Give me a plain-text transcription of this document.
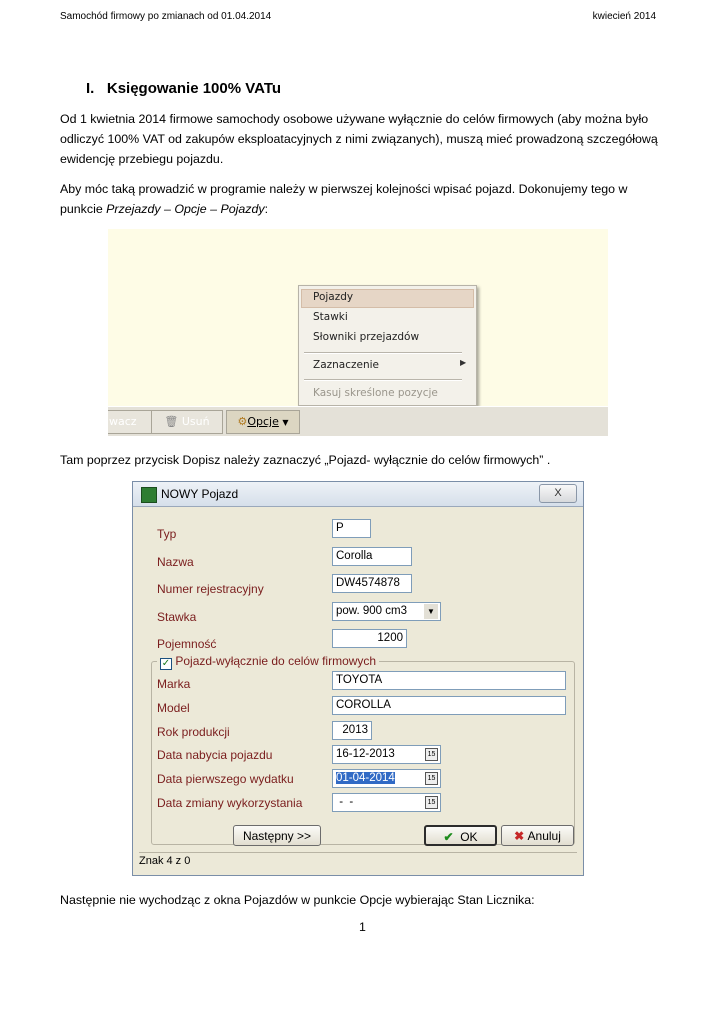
Samochód firmowy po zmianach od 01.04.2014	kwiecień 2014
I. Księgowanie 100% VATu
Od 1 kwietnia 2014 firmowe samochody osobowe używane wyłącznie do celów firmowych (aby można było
odliczyć 100% VAT od zakupów eksploatacyjnych z nimi związanych), muszą mieć prowadzoną szczegółową
ewidencję przebiegu pojazdu.
Aby móc taką prowadzić w programie należy w pierwszej kolejności wpisać pojazd. Dokonujemy tego w
punkcie Przejazdy – Opcje – Pojazdy:
Pojazdy
Stawki
Słowniki przejazdów
Zaznaczenie	▶
Kasuj skreślone pozycje
wacz	🗑 Usuń	⚙Opcje ▼
Tam poprzez przycisk Dopisz należy zaznaczyć „Pojazd- wyłącznie do celów firmowych” .
NOWY Pojazd	X
Typ	P
Nazwa	Corolla
Numer rejestracyjny	DW4574878
Stawka	pow. 900 cm3	▼
Pojemność	1200
✓ Pojazd-wyłącznie do celów firmowych
Marka	TOYOTA
Model	COROLLA
Rok produkcji	2013
Data nabycia pojazdu	16-12-2013	15
Data pierwszego wydatku	01-04-2014	15
Data zmiany wykorzystania	-  -	15
Następny >>	✔ OK	✖ Anuluj
Znak 4 z 0
Następnie nie wychodząc z okna Pojazdów w punkcie Opcje wybierając Stan Licznika:
1
